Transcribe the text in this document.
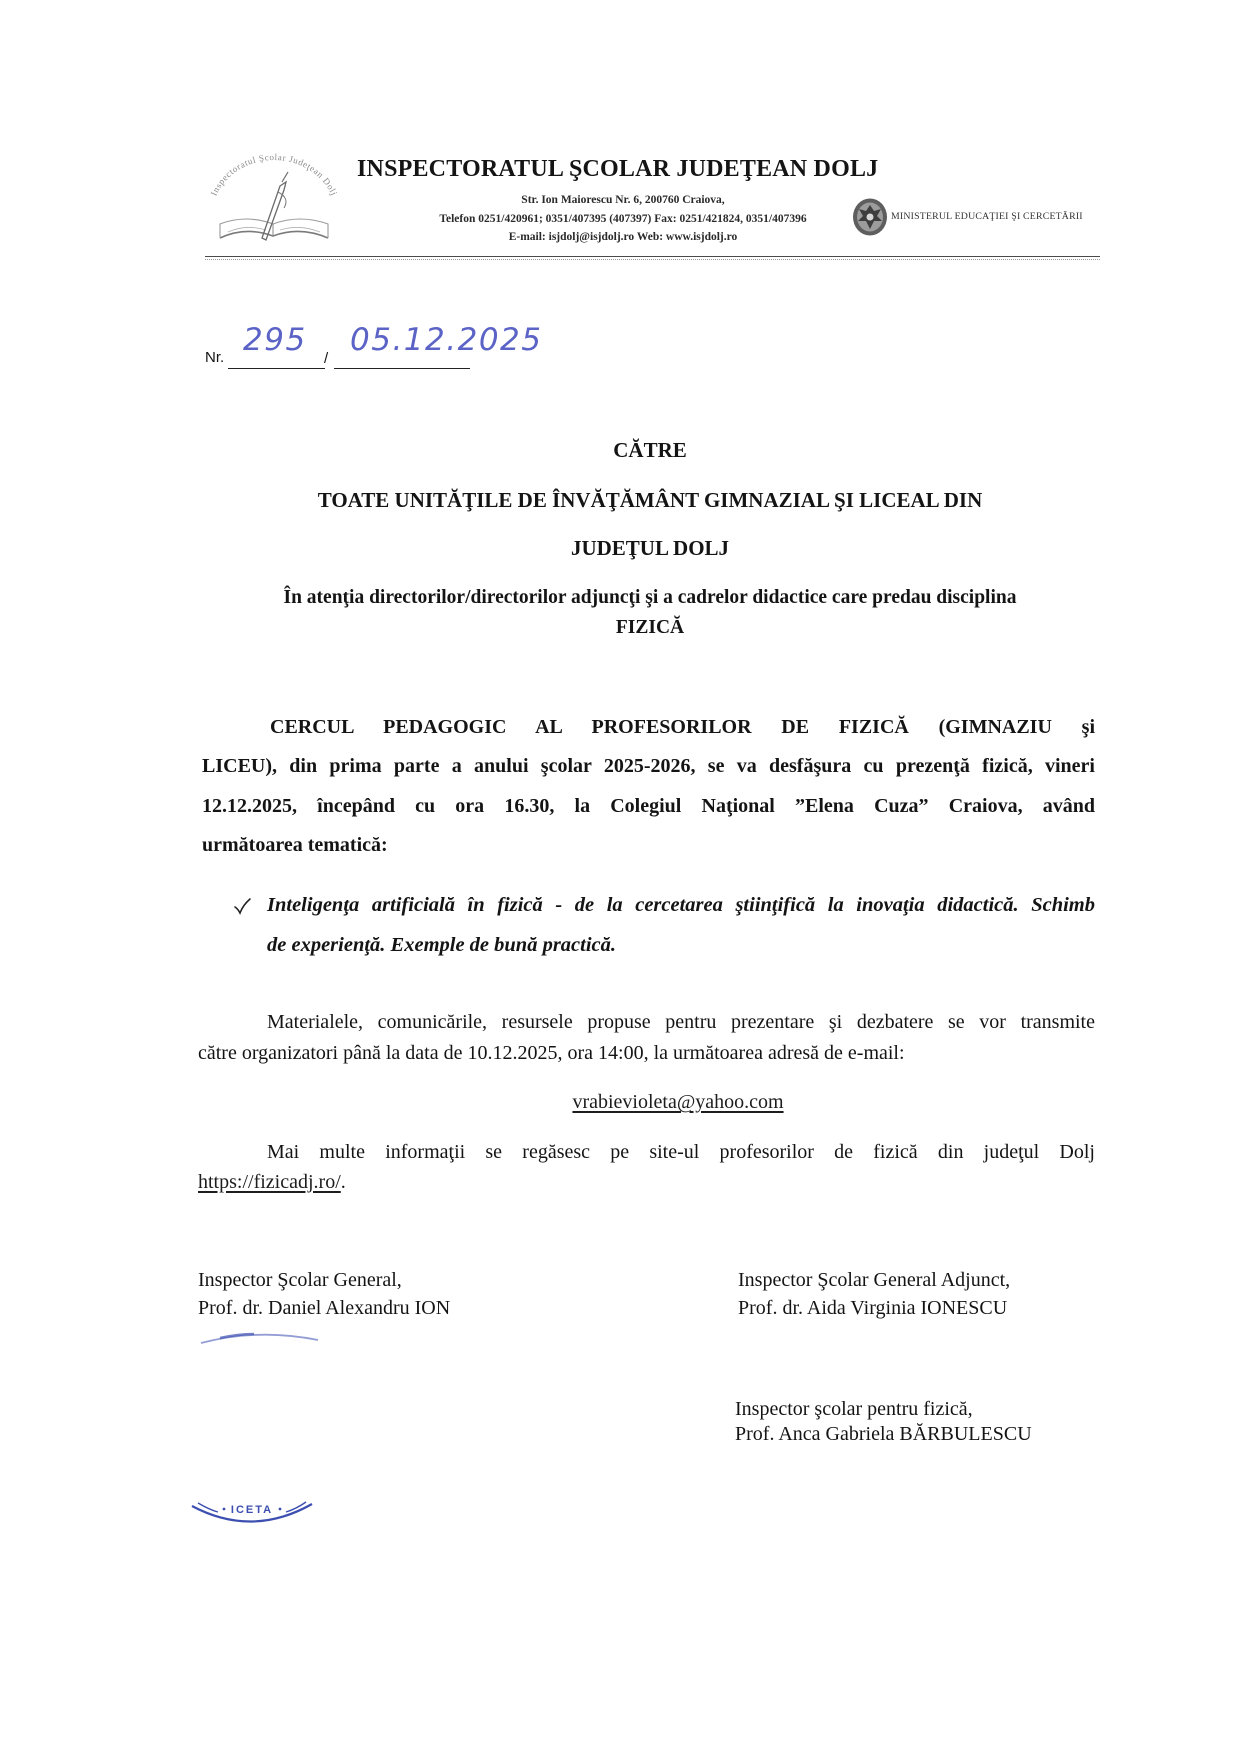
Inspectoratul Şcolar Judeţean Dolj
INSPECTORATUL ŞCOLAR JUDEŢEAN DOLJ
Str. Ion Maiorescu Nr. 6, 200760 Craiova,
Telefon 0251/420961; 0351/407395 (407397) Fax: 0251/421824, 0351/407396
E-mail: isjdolj@isjdolj.ro Web: www.isjdolj.ro
MINISTERUL EDUCAŢIEI ŞI CERCETĂRII
Nr.	/
295 05.12.2025
CĂTRE
TOATE UNITĂŢILE DE ÎNVĂŢĂMÂNT GIMNAZIAL ŞI LICEAL DIN
JUDEŢUL DOLJ
În atenţia directorilor/directorilor adjuncţi şi a cadrelor didactice care predau disciplina
FIZICĂ
CERCUL PEDAGOGIC AL PROFESORILOR DE FIZICĂ (GIMNAZIU şi
LICEU), din prima parte a anului şcolar 2025-2026, se va desfăşura cu prezenţă fizică, vineri
12.12.2025, începând cu ora 16.30, la Colegiul Naţional ”Elena Cuza” Craiova, având
următoarea tematică:
Inteligenţa artificială în fizică - de la cercetarea ştiinţifică la inovaţia didactică. Schimb
de experienţă. Exemple de bună practică.
Materialele, comunicările, resursele propuse pentru prezentare şi dezbatere se vor transmite
către organizatori până la data de 10.12.2025, ora 14:00, la următoarea adresă de e-mail:
vrabievioleta@yahoo.com
Mai multe informaţii se regăsesc pe site-ul profesorilor de fizică din judeţul Dolj
https://fizicadj.ro/.
Inspector Şcolar General,
Prof. dr. Daniel Alexandru ION
Inspector Şcolar General Adjunct,
Prof. dr. Aida Virginia IONESCU
Inspector şcolar pentru fizică,
Prof. Anca Gabriela BĂRBULESCU
ICETA
